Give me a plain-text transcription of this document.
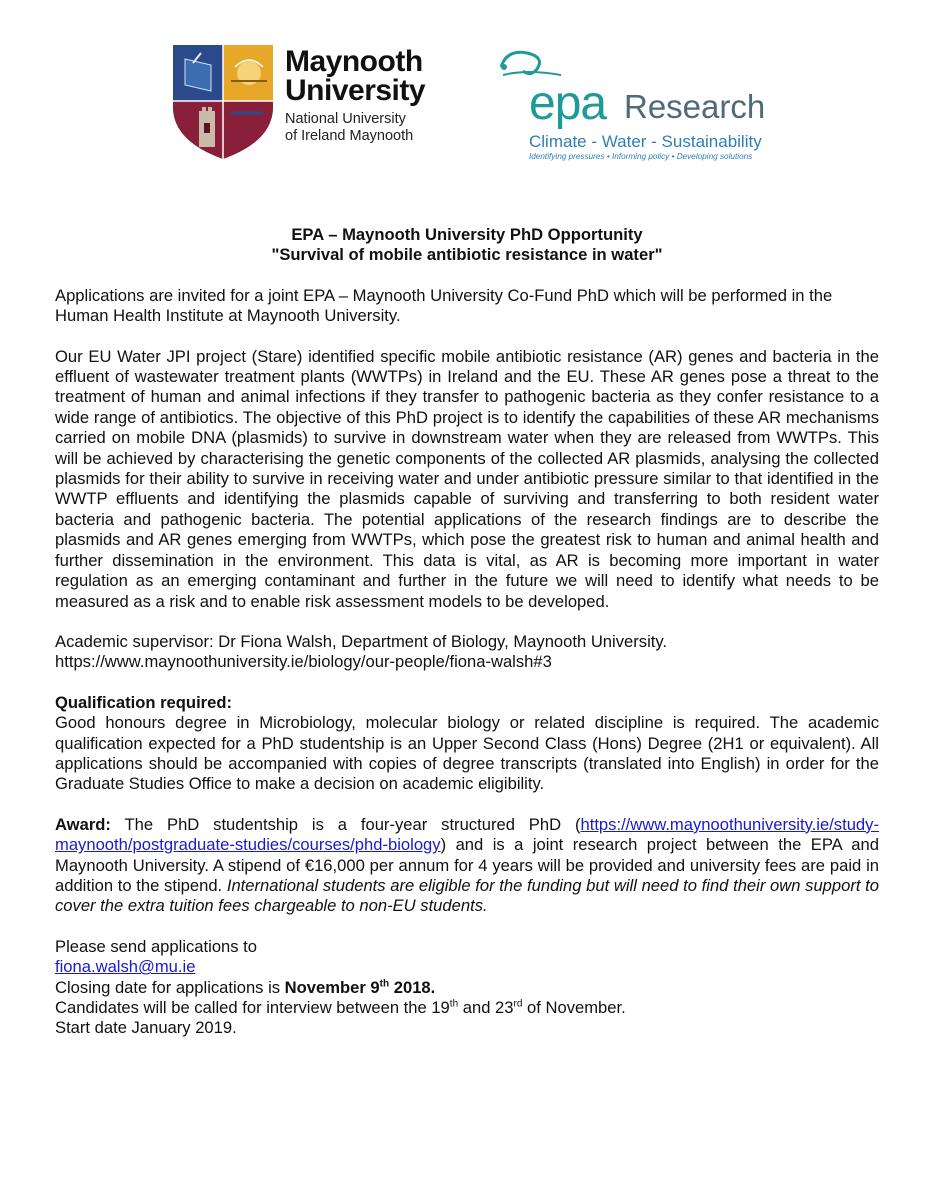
Maynooth
University
National University
of Ireland Maynooth
epa Research
Climate - Water - Sustainability
Identifying pressures • Informing policy • Developing solutions
EPA – Maynooth University PhD Opportunity
"Survival of mobile antibiotic resistance in water"

Applications are invited for a joint EPA – Maynooth University Co-Fund PhD which will be performed in the Human Health Institute at Maynooth University.

Our EU Water JPI project (Stare) identified specific mobile antibiotic resistance (AR) genes and bacteria in the effluent of wastewater treatment plants (WWTPs) in Ireland and the EU. These AR genes pose a threat to the treatment of human and animal infections if they transfer to pathogenic bacteria as they confer resistance to a wide range of antibiotics. The objective of this PhD project is to identify the capabilities of these AR mechanisms carried on mobile DNA (plasmids) to survive in downstream water when they are released from WWTPs. This will be achieved by characterising the genetic components of the collected AR plasmids, analysing the collected plasmids for their ability to survive in receiving water and under antibiotic pressure similar to that identified in the WWTP effluents and identifying the plasmids capable of surviving and transferring to both resident water bacteria and pathogenic bacteria. The potential applications of the research findings are to describe the plasmids and AR genes emerging from WWTPs, which pose the greatest risk to human and animal health and further dissemination in the environment. This data is vital, as AR is becoming more important in water regulation as an emerging contaminant and further in the future we will need to identify what needs to be measured as a risk and to enable risk assessment models to be developed.

Academic supervisor: Dr Fiona Walsh, Department of Biology, Maynooth University.
https://www.maynoothuniversity.ie/biology/our-people/fiona-walsh#3

Qualification required:
Good honours degree in Microbiology, molecular biology or related discipline is required. The academic qualification expected for a PhD studentship is an Upper Second Class (Hons) Degree (2H1 or equivalent). All applications should be accompanied with copies of degree transcripts (translated into English) in order for the Graduate Studies Office to make a decision on academic eligibility.

Award: The PhD studentship is a four-year structured PhD (https://www.maynoothuniversity.ie/study-maynooth/postgraduate-studies/courses/phd-biology) and is a joint research project between the EPA and Maynooth University. A stipend of €16,000 per annum for 4 years will be provided and university fees are paid in addition to the stipend. International students are eligible for the funding but will need to find their own support to cover the extra tuition fees chargeable to non-EU students.

Please send applications to
fiona.walsh@mu.ie
Closing date for applications is November 9th 2018.
Candidates will be called for interview between the 19th and 23rd of November.
Start date January 2019.
